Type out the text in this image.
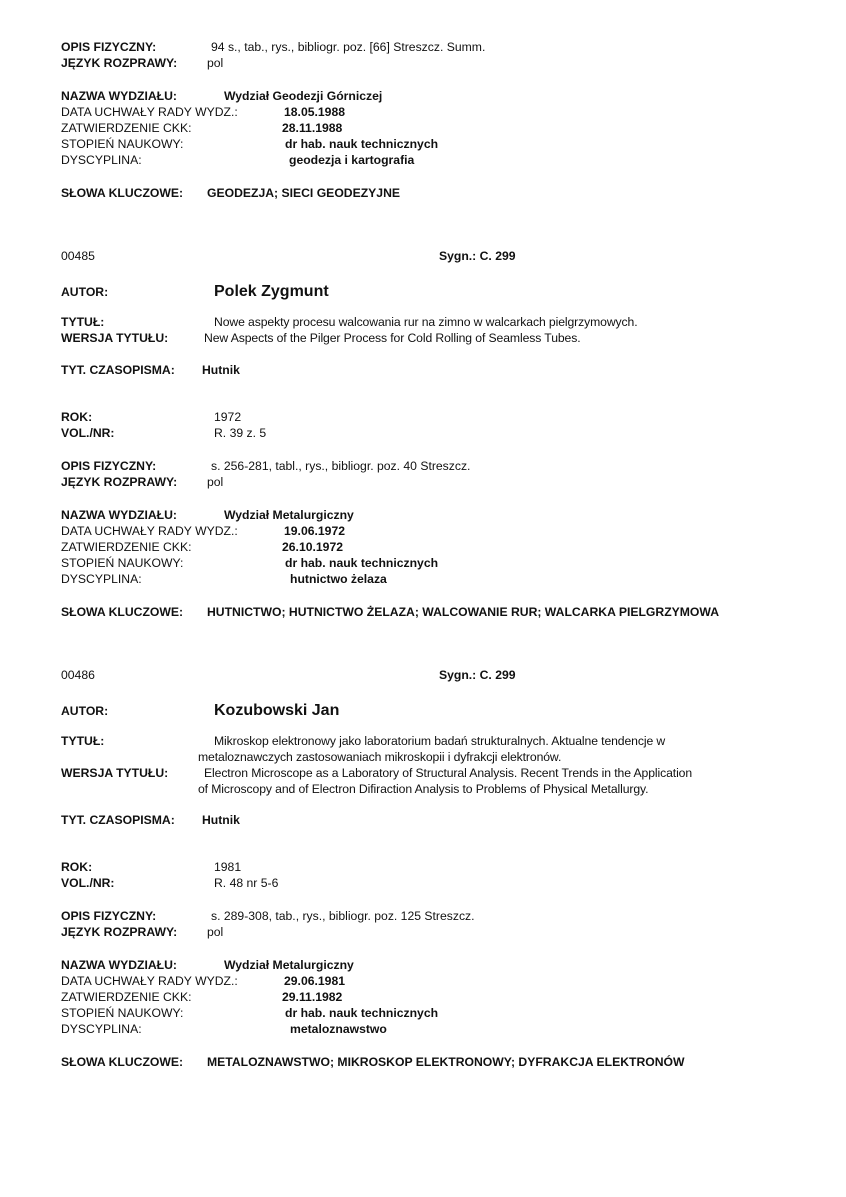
OPIS FIZYCZNY:	94 s., tab., rys., bibliogr. poz. [66] Streszcz. Summ.
JĘZYK ROZPRAWY: pol
NAZWA WYDZIAŁU:	Wydział Geodezji Górniczej
DATA UCHWAŁY RADY WYDZ.:	18.05.1988
ZATWIERDZENIE CKK:	28.11.1988
STOPIEŃ NAUKOWY:	dr hab. nauk technicznych
DYSCYPLINA:	geodezja i kartografia
SŁOWA KLUCZOWE: GEODEZJA; SIECI GEODEZYJNE
00485	Sygn.: C. 299
AUTOR:	Polek Zygmunt
TYTUŁ:	Nowe aspekty procesu walcowania rur na zimno w walcarkach pielgrzymowych.
WERSJA TYTUŁU:	New Aspects of the Pilger Process for Cold Rolling of Seamless Tubes.
TYT. CZASOPISMA: Hutnik
ROK:	1972
VOL./NR:	R. 39 z. 5
OPIS FIZYCZNY:	s. 256-281, tabl., rys., bibliogr. poz. 40 Streszcz.
JĘZYK ROZPRAWY: pol
NAZWA WYDZIAŁU:	Wydział Metalurgiczny
DATA UCHWAŁY RADY WYDZ.:	19.06.1972
ZATWIERDZENIE CKK:	26.10.1972
STOPIEŃ NAUKOWY:	dr hab. nauk technicznych
DYSCYPLINA:	hutnictwo żelaza
SŁOWA KLUCZOWE: HUTNICTWO; HUTNICTWO ŻELAZA; WALCOWANIE RUR; WALCARKA PIELGRZYMOWA
00486	Sygn.: C. 299
AUTOR:	Kozubowski Jan
TYTUŁ:	Mikroskop elektronowy jako laboratorium badań strukturalnych. Aktualne tendencje w
metaloznawczych zastosowaniach mikroskopii i dyfrakcji elektronów.
WERSJA TYTUŁU:	Electron Microscope as a Laboratory of Structural Analysis. Recent Trends in the Application
of Microscopy and of Electron Difiraction Analysis to Problems of Physical Metallurgy.
TYT. CZASOPISMA: Hutnik
ROK:	1981
VOL./NR:	R. 48 nr 5-6
OPIS FIZYCZNY:	s. 289-308, tab., rys., bibliogr. poz. 125 Streszcz.
JĘZYK ROZPRAWY: pol
NAZWA WYDZIAŁU:	Wydział Metalurgiczny
DATA UCHWAŁY RADY WYDZ.:	29.06.1981
ZATWIERDZENIE CKK:	29.11.1982
STOPIEŃ NAUKOWY:	dr hab. nauk technicznych
DYSCYPLINA:	metaloznawstwo
SŁOWA KLUCZOWE: METALOZNAWSTWO; MIKROSKOP ELEKTRONOWY; DYFRAKCJA ELEKTRONÓW
